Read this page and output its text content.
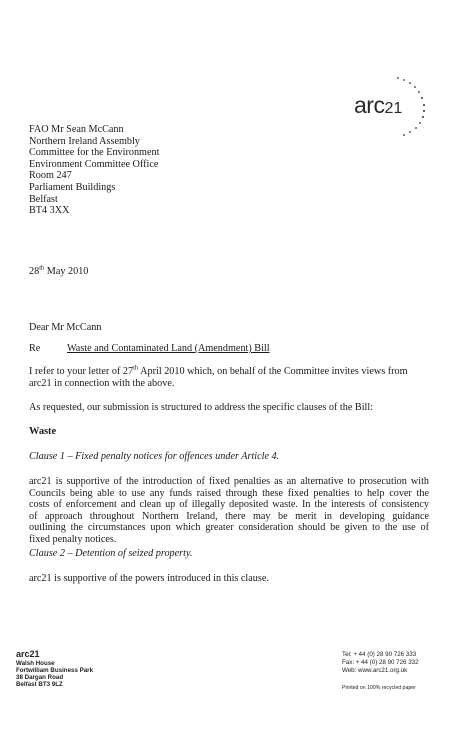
arc21
FAO Mr Sean McCann
Northern Ireland Assembly
Committee for the Environment
Environment Committee Office
Room 247
Parliament Buildings
Belfast
BT4 3XX
28th May 2010
Dear Mr McCann
Re	Waste and Contaminated Land (Amendment) Bill
I refer to your letter of 27th April 2010 which, on behalf of the Committee invites views from
arc21 in connection with the above.
As requested, our submission is structured to address the specific clauses of the Bill:
Waste
Clause 1 – Fixed penalty notices for offences under Article 4.
arc21 is supportive of the introduction of fixed penalties as an alternative to prosecution with
Councils being able to use any funds raised through these fixed penalties to help cover the
costs of enforcement and clean up of illegally deposited waste. In the interests of consistency
of approach throughout Northern Ireland, there may be merit in developing guidance
outlining the circumstances upon which greater consideration should be given to the use of
fixed penalty notices.
Clause 2 – Detention of seized property.
arc21 is supportive of the powers introduced in this clause.
arc21
Walsh House
Fortwilliam Business Park
38 Dargan Road
Belfast BT3 9LZ
Tel: + 44 (0) 28 90 726 333
Fax: + 44 (0) 28 90 726 332
Web: www.arc21.org.uk
Printed on 100% recycled paper
